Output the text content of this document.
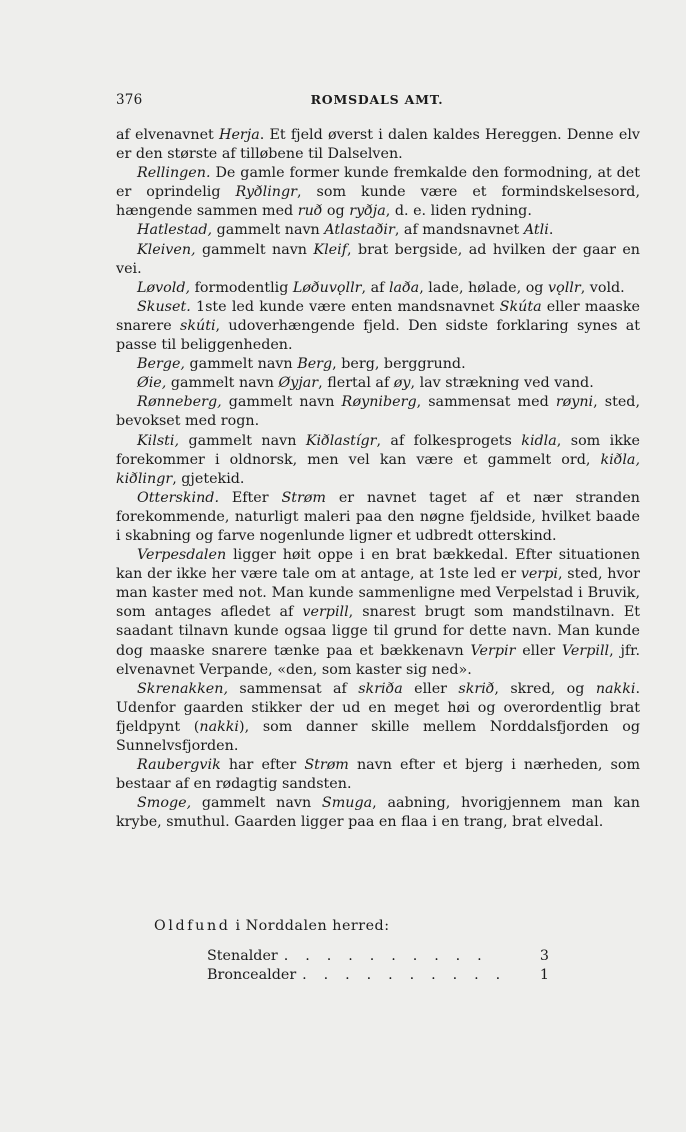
376	ROMSDALS AMT.

af elvenavnet Herja. Et fjeld øverst i dalen kaldes Hereggen. Denne elv er den største af tilløbene til Dalselven.

Rellingen. De gamle former kunde fremkalde den formodning, at det er oprindelig Ryðlingr, som kunde være et formindskelsesord, hængende sammen med ruð og ryðja, d. e. liden rydning.

Hatlestad, gammelt navn Atlastaðir, af mandsnavnet Atli.

Kleiven, gammelt navn Kleif, brat bergside, ad hvilken der gaar en vei.

Løvold, formodentlig Løðuvǫllr, af laða, lade, hølade, og vǫllr, vold.

Skuset. 1ste led kunde være enten mandsnavnet Skúta eller maaske snarere skúti, udoverhængende fjeld. Den sidste forklaring synes at passe til beliggenheden.

Berge, gammelt navn Berg, berg, berggrund.

Øie, gammelt navn Øyjar, flertal af øy, lav strækning ved vand.

Rønneberg, gammelt navn Røyniberg, sammensat med røyni, sted, bevokset med rogn.

Kilsti, gammelt navn Kiðlastígr, af folkesprogets kidla, som ikke forekommer i oldnorsk, men vel kan være et gammelt ord, kiðla, kiðlingr, gjetekid.

Otterskind. Efter Strøm er navnet taget af et nær stranden forekommende, naturligt maleri paa den nøgne fjeldside, hvilket baade i skabning og farve nogenlunde ligner et udbredt otterskind.

Verpesdalen ligger høit oppe i en brat bækkedal. Efter situationen kan der ikke her være tale om at antage, at 1ste led er verpi, sted, hvor man kaster med not. Man kunde sammenligne med Verpelstad i Bruvik, som antages afledet af verpill, snarest brugt som mandstilnavn. Et saadant tilnavn kunde ogsaa ligge til grund for dette navn. Man kunde dog maaske snarere tænke paa et bækkenavn Verpir eller Verpill, jfr. elvenavnet Verpande, «den, som kaster sig ned».

Skrenakken, sammensat af skriða eller skrið, skred, og nakki. Udenfor gaarden stikker der ud en meget høi og overordentlig brat fjeldpynt (nakki), som danner skille mellem Norddalsfjorden og Sunnelvsfjorden.

Raubergvik har efter Strøm navn efter et bjerg i nærheden, som bestaar af en rødagtig sandsten.

Smoge, gammelt navn Smuga, aabning, hvorigjennem man kan krybe, smuthul. Gaarden ligger paa en flaa i en trang, brat elvedal.

Oldfund i Norddalen herred:
Stenalder . . . . . . . . . .	3
Broncealder . . . . . . . . . .	1
